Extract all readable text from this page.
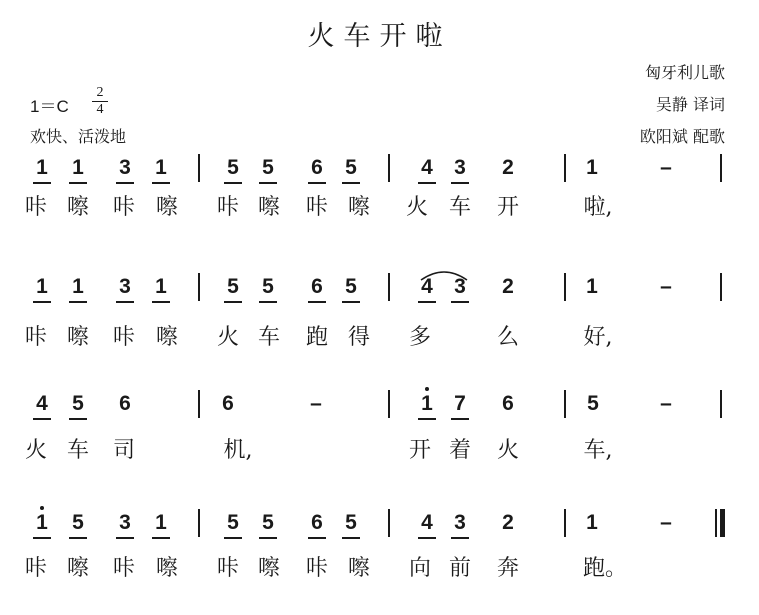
火车开啦
匈牙利儿歌
吴静 译词
欧阳斌 配歌
$1=C \frac{2}{4}$
欢快、活泼地
1 1 3 1	5 5 6 5	4 3 2	1	–
咔 嚓 咔 嚓 咔 嚓 咔 嚓 火 车 开	啦,
1 1 3 1	5 5 6 5	4 3 2	1	–
咔 嚓 咔 嚓 火 车 跑 得 多	么	好,
4 5 6	6	–	1 7 6	5	–
火 车 司	机,	开 着 火	车,
1 5 3 1	5 5 6 5	4 3 2	1	–
咔 嚓 咔 嚓 咔 嚓 咔 嚓 向 前 奔	跑。
